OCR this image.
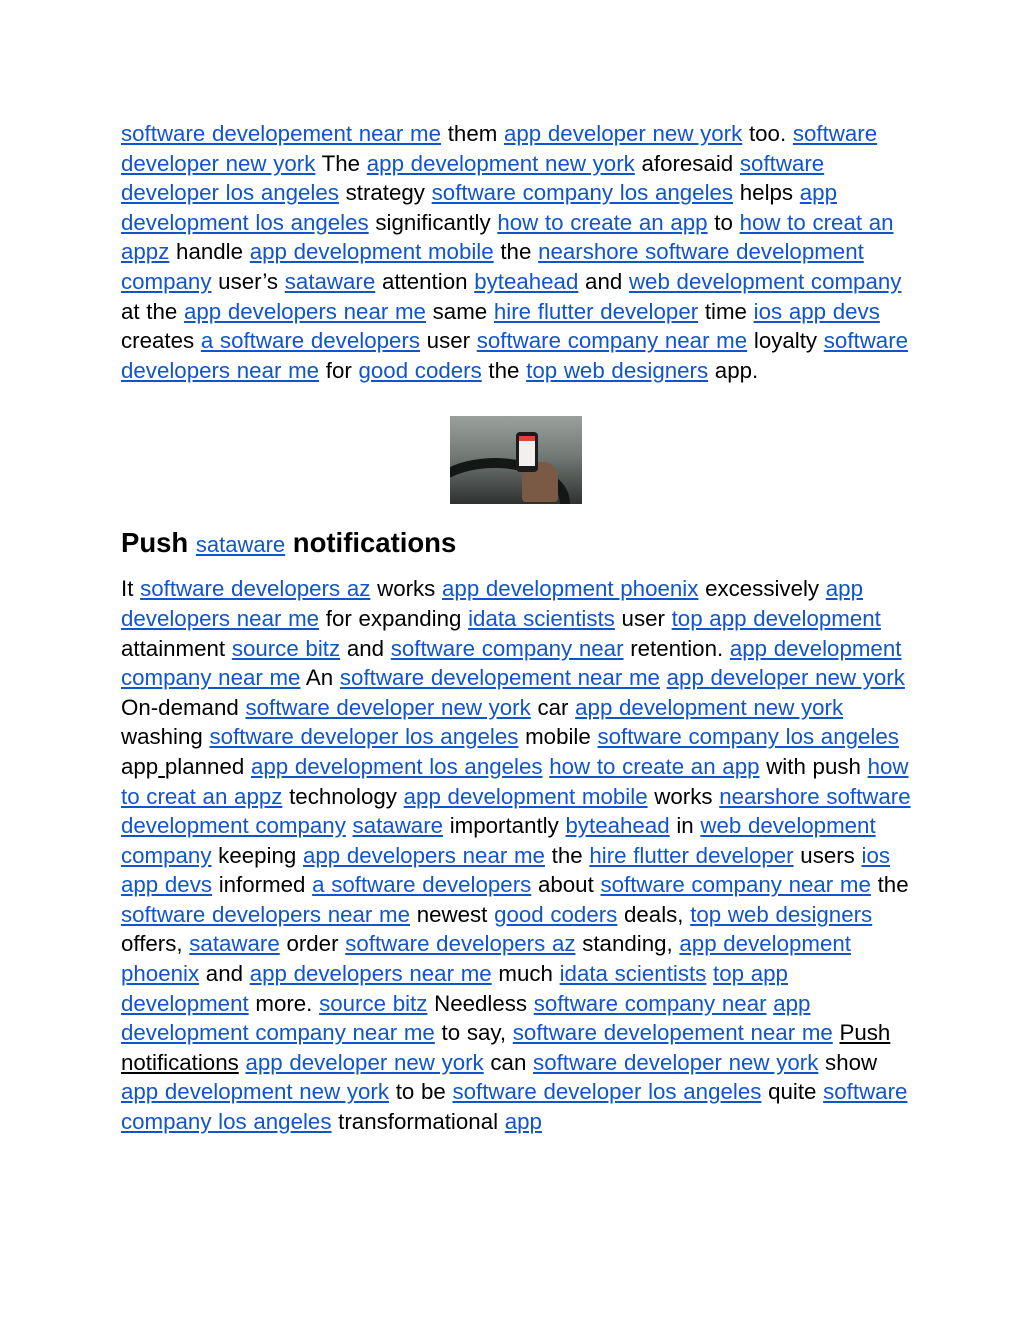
software developement near me them app developer new york too. software developer new york The app development new york aforesaid software developer los angeles strategy software company los angeles helps app development los angeles significantly how to create an app to how to creat an appz handle app development mobile the nearshore software development company user’s sataware attention byteahead and web development company at the app developers near me same hire flutter developer time ios app devs creates a software developers user software company near me loyalty software developers near me for good coders the top web designers app.

Push sataware notifications

It software developers az works app development phoenix excessively app developers near me for expanding idata scientists user top app development attainment source bitz and software company near retention. app development company near me An software developement near me app developer new york On-demand software developer new york car app development new york washing software developer los angeles mobile software company los angeles app planned app development los angeles how to create an app with push how to creat an appz technology app development mobile works nearshore software development company sataware importantly byteahead in web development company keeping app developers near me the hire flutter developer users ios app devs informed a software developers about software company near me the software developers near me newest good coders deals, top web designers offers, sataware order software developers az standing, app development phoenix and app developers near me much idata scientists top app development more. source bitz Needless software company near app development company near me to say, software developement near me Push notifications app developer new york can software developer new york show app development new york to be software developer los angeles quite software company los angeles transformational app
